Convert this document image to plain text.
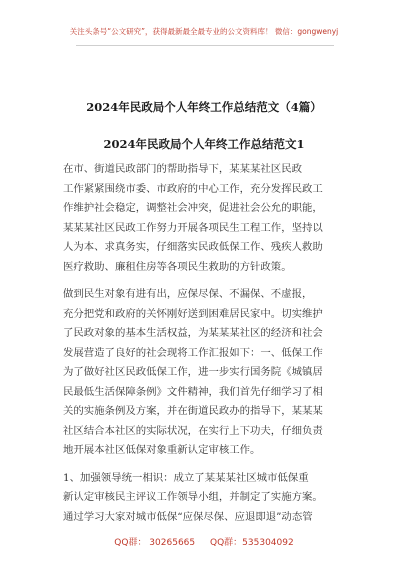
关注头条号“公文研究”，获得最新最全最专业的公文资料库！ 微信：gongwenyj
2024年民政局个人年终工作总结范文（4篇）
2024年民政局个人年终工作总结范文1
在市、街道民政部门的帮助指导下，某某某社区民政
工作紧紧围绕市委、市政府的中心工作，充分发挥民政工
作维护社会稳定，调整社会冲突，促进社会公允的职能，
某某某社区民政工作努力开展各项民生工程工作，坚持以
人为本、求真务实，仔细落实民政低保工作、残疾人救助
医疗救助、廉租住房等各项民生救助的方针政策。
做到民生对象有进有出，应保尽保、不漏保、不虚报，
充分把党和政府的关怀刚好送到困难居民家中。切实维护
了民政对象的基本生活权益，为某某某社区的经济和社会
发展营造了良好的社会现将工作汇报如下：一、低保工作
为了做好社区民政低保工作，进一步实行国务院《城镇居
民最低生活保障条例》文件精神，我们首先仔细学习了相
关的实施条例及方案，并在街道民政办的指导下，某某某
社区结合本社区的实际状况，在实行上下功夫，仔细负责
地开展本社区低保对象重新认定审核工作。
1、加强领导统一相识：成立了某某某社区城市低保重
新认定审核民主评议工作领导小组，并制定了实施方案。
通过学习大家对城市低保“应保尽保、应退即退”动态管
QQ群： 30265665 QQ群：535304092
